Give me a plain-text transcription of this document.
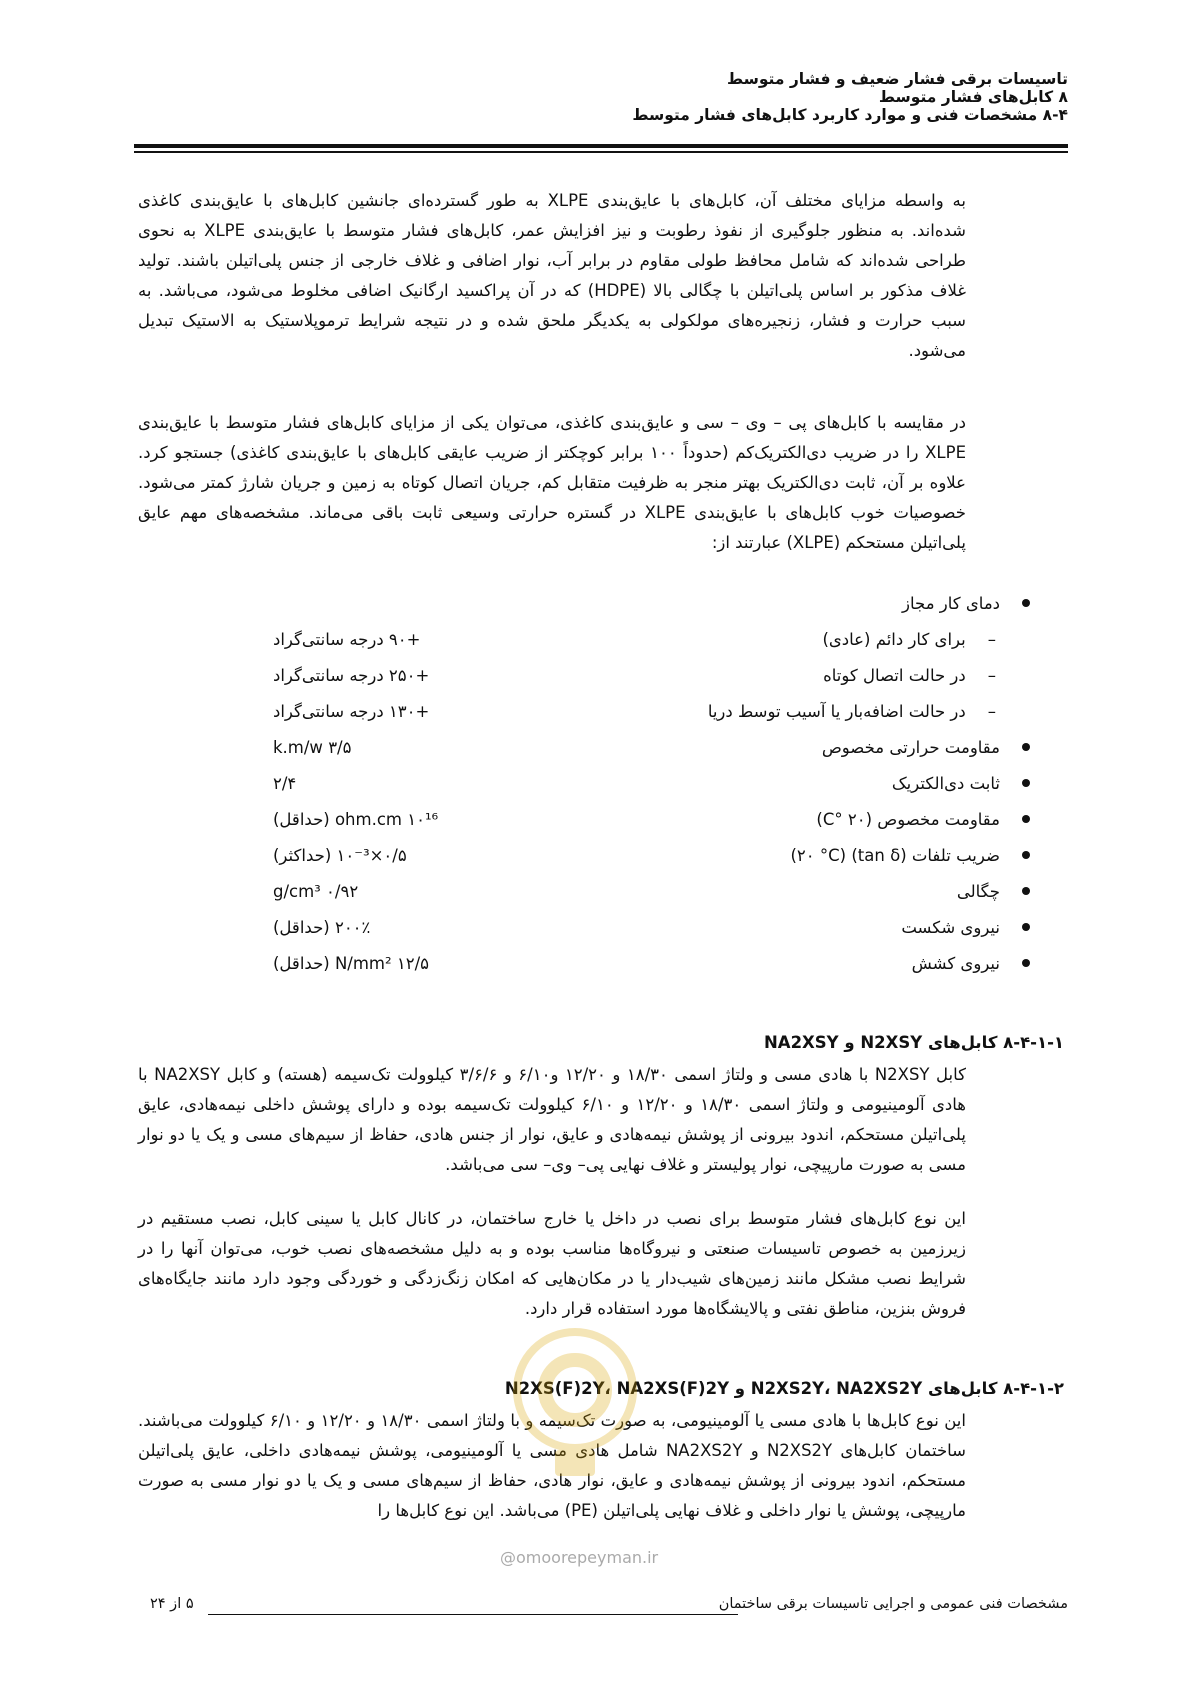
تاسیسات برقی فشار ضعیف و فشار متوسط
۸ کابل‌های فشار متوسط
۸-۴ مشخصات فنی و موارد کاربرد کابل‌های فشار متوسط
به واسطه مزایای مختلف آن، کابل‌های با عایق‌بندی XLPE به طور گسترده‌ای جانشین کابل‌های با عایق‌بندی کاغذی شده‌اند. به منظور جلوگیری از نفوذ رطوبت و نیز افزایش عمر، کابل‌های فشار متوسط با عایق‌بندی XLPE به نحوی طراحی شده‌اند که شامل محافظ طولی مقاوم در برابر آب، نوار اضافی و غلاف خارجی از جنس پلی‌اتیلن باشند. تولید غلاف مذکور بر اساس پلی‌اتیلن با چگالی بالا (HDPE) که در آن پراکسید ارگانیک اضافی مخلوط می‌شود، می‌باشد. به سبب حرارت و فشار، زنجیره‌های مولکولی به یکدیگر ملحق شده و در نتیجه شرایط ترموپلاستیک به الاستیک تبدیل می‌شود.
در مقایسه با کابل‌های پی – وی – سی و عایق‌بندی کاغذی، می‌توان یکی از مزایای کابل‌های فشار متوسط با عایق‌بندی XLPE را در ضریب دی‌الکتریک‌کم (حدوداً ۱۰۰ برابر کوچکتر از ضریب عایقی کابل‌های با عایق‌بندی کاغذی) جستجو کرد. علاوه بر آن، ثابت دی‌الکتریک بهتر منجر به ظرفیت متقابل کم، جریان اتصال کوتاه به زمین و جریان شارژ کمتر می‌شود. خصوصیات خوب کابل‌های با عایق‌بندی XLPE در گستره حرارتی وسیعی ثابت باقی می‌ماند. مشخصه‌های مهم عایق پلی‌اتیلن مستحکم (XLPE) عبارتند از:
دمای کار مجاز
–برای کار دائم (عادی)
+۹۰ درجه سانتی‌گراد
–در حالت اتصال کوتاه
+۲۵۰ درجه سانتی‌گراد
–در حالت اضافه‌بار یا آسیب توسط دریا
+۱۳۰ درجه سانتی‌گراد
مقاومت حرارتی مخصوص
۳/۵ k.m/w
ثابت دی‌الکتریک
۲/۴
مقاومت مخصوص (۲۰ °C)
۱۰¹⁶ ohm.cm (حداقل)
ضریب تلفات (tan δ) (۲۰ °C)
۰/۵×۱۰⁻³ (حداکثر)
چگالی
۰/۹۲ g/cm³
نیروی شکست
۲۰۰٪ (حداقل)
نیروی کشش
۱۲/۵ N/mm² (حداقل)
۸-۴-۱-۱ کابل‌های N2XSY و NA2XSY
کابل N2XSY با هادی مسی و ولتاژ اسمی ۱۸/۳۰ و ۱۲/۲۰ و۶/۱۰ و ۳/۶/۶ کیلوولت تک‌سیمه (هسته) و کابل NA2XSY با هادی آلومینیومی و ولتاژ اسمی ۱۸/۳۰ و ۱۲/۲۰ و ۶/۱۰ کیلوولت تک‌سیمه بوده و دارای پوشش داخلی نیمه‌هادی، عایق پلی‌اتیلن مستحکم، اندود بیرونی از پوشش نیمه‌هادی و عایق، نوار از جنس هادی، حفاظ از سیم‌های مسی و یک یا دو نوار مسی به صورت مارپیچی، نوار پولیستر و غلاف نهایی پی– وی– سی می‌باشد.
این نوع کابل‌های فشار متوسط برای نصب در داخل یا خارج ساختمان، در کانال کابل یا سینی کابل، نصب مستقیم در زیرزمین به خصوص تاسیسات صنعتی و نیروگاه‌ها مناسب بوده و به دلیل مشخصه‌های نصب خوب، می‌توان آنها را در شرایط نصب مشکل مانند زمین‌های شیب‌دار یا در مکان‌هایی که امکان زنگ‌زدگی و خوردگی وجود دارد مانند جایگاه‌های فروش بنزین، مناطق نفتی و پالایشگاه‌ها مورد استفاده قرار دارد.
۸-۴-۱-۲ کابل‌های N2XS2Y، NA2XS2Y و N2XS(F)2Y، NA2XS(F)2Y
این نوع کابل‌ها با هادی مسی یا آلومینیومی، به صورت تک‌سیمه و با ولتاژ اسمی ۱۸/۳۰ و ۱۲/۲۰ و ۶/۱۰ کیلوولت می‌باشند. ساختمان کابل‌های N2XS2Y و NA2XS2Y شامل هادی مسی یا آلومینیومی، پوشش نیمه‌هادی داخلی، عایق پلی‌اتیلن مستحکم، اندود بیرونی از پوشش نیمه‌هادی و عایق، نوار هادی، حفاظ از سیم‌های مسی و یک یا دو نوار مسی به صورت مارپیچی، پوشش یا نوار داخلی و غلاف نهایی پلی‌اتیلن (PE) می‌باشد. این نوع کابل‌ها را
@omoorepeyman.ir
مشخصات فنی عمومی و اجرایی تاسیسات برقی ساختمان
۵ از ۲۴
